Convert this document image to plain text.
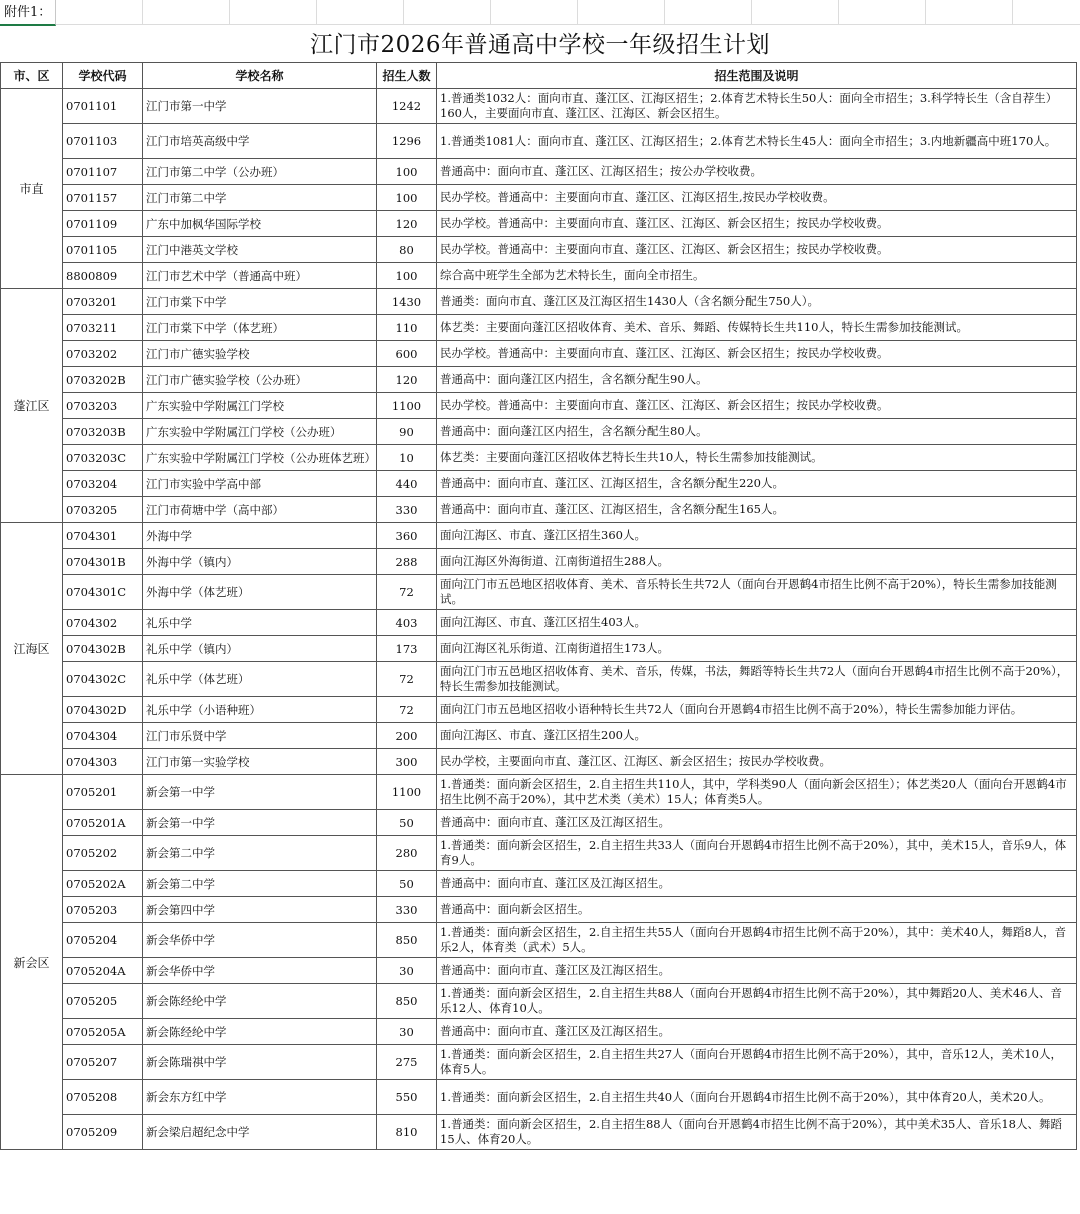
附件1：
江门市2026年普通高中学校一年级招生计划
市、区	学校代码	学校名称	招生人数	招生范围及说明
市直	0701101	江门市第一中学	1242	1.普通类1032人：面向市直、蓬江区、江海区招生；2.体育艺术特长生50人：面向全市招生；3.科学特长生（含自荐生）160人，主要面向市直、蓬江区、江海区、新会区招生。
	0701103	江门市培英高级中学	1296	1.普通类1081人：面向市直、蓬江区、江海区招生；2.体育艺术特长生45人：面向全市招生；3.内地新疆高中班170人。
	0701107	江门市第二中学（公办班）	100	普通高中：面向市直、蓬江区、江海区招生；按公办学校收费。
	0701157	江门市第二中学	100	民办学校。普通高中：主要面向市直、蓬江区、江海区招生,按民办学校收费。
	0701109	广东中加枫华国际学校	120	民办学校。普通高中：主要面向市直、蓬江区、江海区、新会区招生；按民办学校收费。
	0701105	江门中港英文学校	80	民办学校。普通高中：主要面向市直、蓬江区、江海区、新会区招生；按民办学校收费。
	8800809	江门市艺术中学（普通高中班）	100	综合高中班学生全部为艺术特长生，面向全市招生。
蓬江区	0703201	江门市棠下中学	1430	普通类：面向市直、蓬江区及江海区招生1430人（含名额分配生750人）。
	0703211	江门市棠下中学（体艺班）	110	体艺类：主要面向蓬江区招收体育、美术、音乐、舞蹈、传媒特长生共110人，特长生需参加技能测试。
	0703202	江门市广德实验学校	600	民办学校。普通高中：主要面向市直、蓬江区、江海区、新会区招生；按民办学校收费。
	0703202B	江门市广德实验学校（公办班）	120	普通高中：面向蓬江区内招生，含名额分配生90人。
	0703203	广东实验中学附属江门学校	1100	民办学校。普通高中：主要面向市直、蓬江区、江海区、新会区招生；按民办学校收费。
	0703203B	广东实验中学附属江门学校（公办班）	90	普通高中：面向蓬江区内招生，含名额分配生80人。
	0703203C	广东实验中学附属江门学校（公办班体艺班）	10	体艺类：主要面向蓬江区招收体艺特长生共10人，特长生需参加技能测试。
	0703204	江门市实验中学高中部	440	普通高中：面向市直、蓬江区、江海区招生，含名额分配生220人。
	0703205	江门市荷塘中学（高中部）	330	普通高中：面向市直、蓬江区、江海区招生，含名额分配生165人。
江海区	0704301	外海中学	360	面向江海区、市直、蓬江区招生360人。
	0704301B	外海中学（镇内）	288	面向江海区外海街道、江南街道招生288人。
	0704301C	外海中学（体艺班）	72	面向江门市五邑地区招收体育、美术、音乐特长生共72人（面向台开恩鹤4市招生比例不高于20%），特长生需参加技能测试。
	0704302	礼乐中学	403	面向江海区、市直、蓬江区招生403人。
	0704302B	礼乐中学（镇内）	173	面向江海区礼乐街道、江南街道招生173人。
	0704302C	礼乐中学（体艺班）	72	面向江门市五邑地区招收体育、美术、音乐，传媒，书法，舞蹈等特长生共72人（面向台开恩鹤4市招生比例不高于20%），特长生需参加技能测试。
	0704302D	礼乐中学（小语种班）	72	面向江门市五邑地区招收小语种特长生共72人（面向台开恩鹤4市招生比例不高于20%），特长生需参加能力评估。
	0704304	江门市乐贤中学	200	面向江海区、市直、蓬江区招生200人。
	0704303	江门市第一实验学校	300	民办学校，主要面向市直、蓬江区、江海区、新会区招生；按民办学校收费。
新会区	0705201	新会第一中学	1100	1.普通类：面向新会区招生，2.自主招生共110人，其中，学科类90人（面向新会区招生）；体艺类20人（面向台开恩鹤4市招生比例不高于20%），其中艺术类（美术）15人；体育类5人。
	0705201A	新会第一中学	50	普通高中：面向市直、蓬江区及江海区招生。
	0705202	新会第二中学	280	1.普通类：面向新会区招生，2.自主招生共33人（面向台开恩鹤4市招生比例不高于20%），其中，美术15人，音乐9人，体育9人。
	0705202A	新会第二中学	50	普通高中：面向市直、蓬江区及江海区招生。
	0705203	新会第四中学	330	普通高中：面向新会区招生。
	0705204	新会华侨中学	850	1.普通类：面向新会区招生，2.自主招生共55人（面向台开恩鹤4市招生比例不高于20%），其中：美术40人，舞蹈8人，音乐2人，体育类（武术）5人。
	0705204A	新会华侨中学	30	普通高中：面向市直、蓬江区及江海区招生。
	0705205	新会陈经纶中学	850	1.普通类：面向新会区招生，2.自主招生共88人（面向台开恩鹤4市招生比例不高于20%），其中舞蹈20人、美术46人、音乐12人、体育10人。
	0705205A	新会陈经纶中学	30	普通高中：面向市直、蓬江区及江海区招生。
	0705207	新会陈瑞祺中学	275	1.普通类：面向新会区招生，2.自主招生共27人（面向台开恩鹤4市招生比例不高于20%），其中，音乐12人，美术10人，体育5人。
	0705208	新会东方红中学	550	1.普通类：面向新会区招生，2.自主招生共40人（面向台开恩鹤4市招生比例不高于20%），其中体育20人，美术20人。
	0705209	新会梁启超纪念中学	810	1.普通类：面向新会区招生，2.自主招生88人（面向台开恩鹤4市招生比例不高于20%），其中美术35人、音乐18人、舞蹈15人、体育20人。
